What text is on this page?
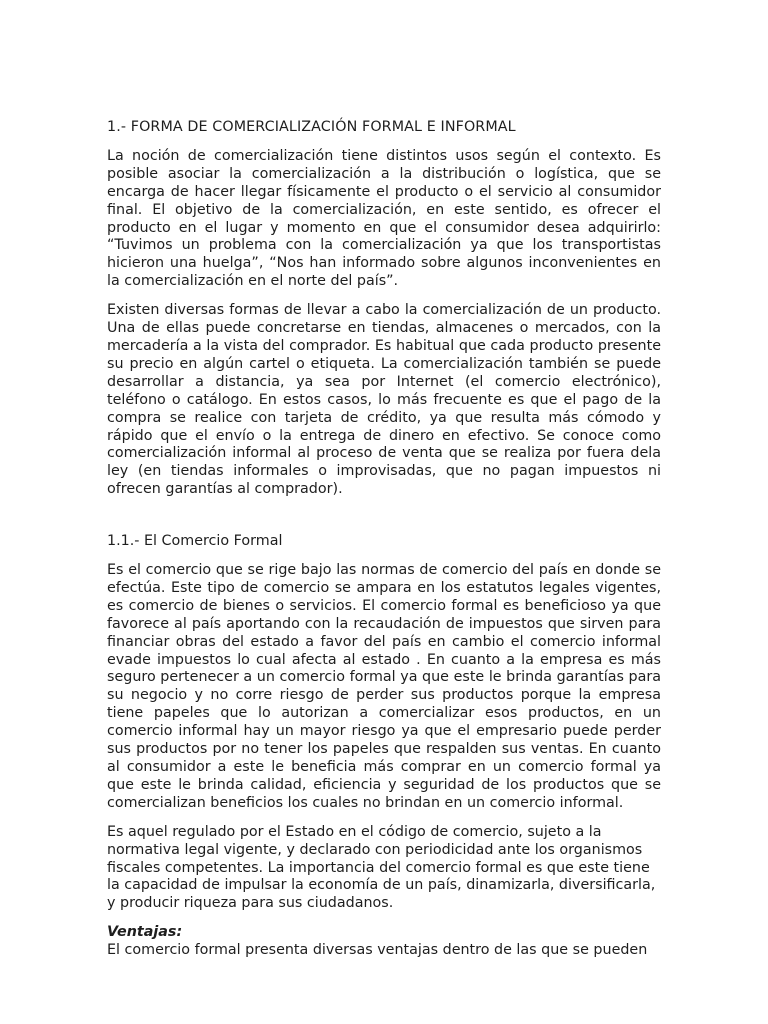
1.- FORMA DE COMERCIALIZACIÓN FORMAL E INFORMAL

La noción de comercialización tiene distintos usos según el contexto. Es posible asociar la comercialización a la distribución o logística, que se encarga de hacer llegar físicamente el producto o el servicio al consumidor final. El objetivo de la comercialización, en este sentido, es ofrecer el producto en el lugar y momento en que el consumidor desea adquirirlo: “Tuvimos un problema con la comercialización ya que los transportistas hicieron una huelga”, “Nos han informado sobre algunos inconvenientes en la comercialización en el norte del país”.

Existen diversas formas de llevar a cabo la comercialización de un producto. Una de ellas puede concretarse en tiendas, almacenes o mercados, con la mercadería a la vista del comprador. Es habitual que cada producto presente su precio en algún cartel o etiqueta. La comercialización también se puede desarrollar a distancia, ya sea por Internet (el comercio electrónico), teléfono o catálogo. En estos casos, lo más frecuente es que el pago de la compra se realice con tarjeta de crédito, ya que resulta más cómodo y rápido que el envío o la entrega de dinero en efectivo. Se conoce como comercialización informal al proceso de venta que se realiza por fuera dela ley (en tiendas informales o improvisadas, que no pagan impuestos ni ofrecen garantías al comprador).

1.1.- El Comercio Formal

Es el comercio que se rige bajo las normas de comercio del país en donde se efectúa. Este tipo de comercio se ampara en los estatutos legales vigentes, es comercio de bienes o servicios. El comercio formal es beneficioso ya que favorece al país aportando con la recaudación de impuestos que sirven para financiar obras del estado a favor del país en cambio el comercio informal evade impuestos lo cual afecta al estado . En cuanto a la empresa es más seguro pertenecer a un comercio formal ya que este le brinda garantías para su negocio y no corre riesgo de perder sus productos porque la empresa tiene papeles que lo autorizan a comercializar esos productos, en un comercio informal hay un mayor riesgo ya que el empresario puede perder sus productos por no tener los papeles que respalden sus ventas. En cuanto al consumidor a este le beneficia más comprar en un comercio formal ya que este le brinda calidad, eficiencia y seguridad de los productos que se comercializan beneficios los cuales no brindan en un comercio informal.

Es aquel regulado por el Estado en el código de comercio, sujeto a la normativa legal vigente, y declarado con periodicidad ante los organismos fiscales competentes. La importancia del comercio formal es que este tiene la capacidad de impulsar la economía de un país, dinamizarla, diversificarla, y producir riqueza para sus ciudadanos.

Ventajas:

El comercio formal presenta diversas ventajas dentro de las que se pueden
